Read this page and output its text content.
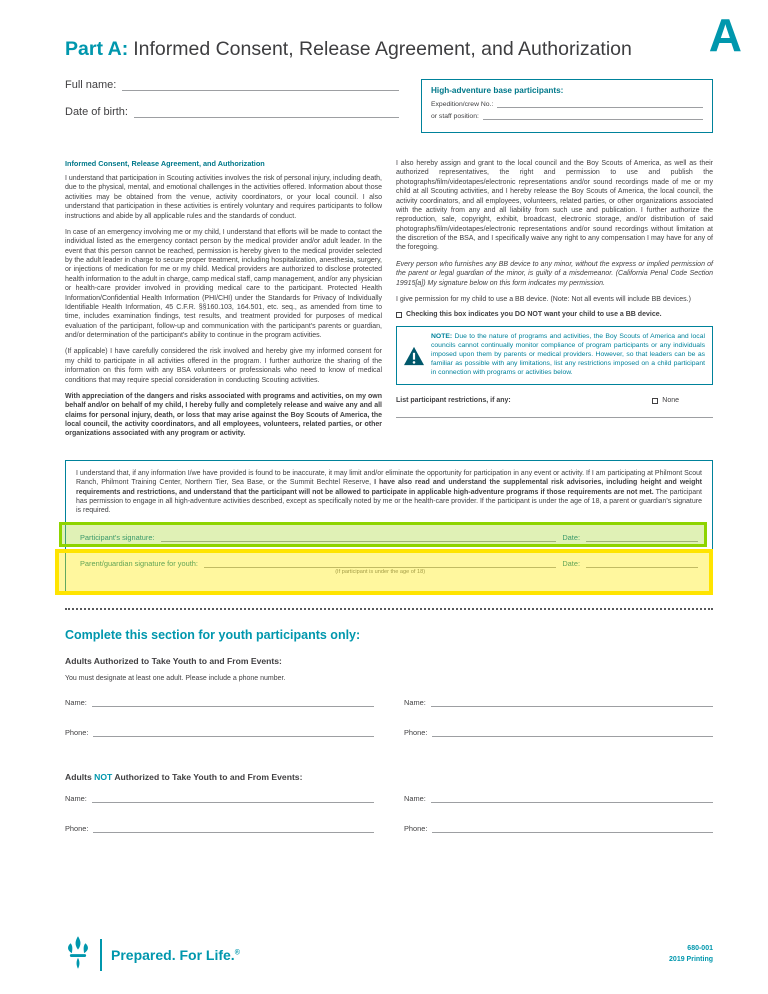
A
Part A: Informed Consent, Release Agreement, and Authorization
Full name:
Date of birth:
High-adventure base participants:
Expedition/crew No.:
or staff position:
Informed Consent, Release Agreement, and Authorization
I understand that participation in Scouting activities involves the risk of personal injury, including death, due to the physical, mental, and emotional challenges in the activities offered. Information about those activities may be obtained from the venue, activity coordinators, or your local council. I also understand that participation in these activities is entirely voluntary and requires participants to follow instructions and abide by all applicable rules and the standards of conduct.
In case of an emergency involving me or my child, I understand that efforts will be made to contact the individual listed as the emergency contact person by the medical provider and/or adult leader. In the event that this person cannot be reached, permission is hereby given to the medical provider selected by the adult leader in charge to secure proper treatment, including hospitalization, anesthesia, surgery, or injections of medication for me or my child. Medical providers are authorized to disclose protected health information to the adult in charge, camp medical staff, camp management, and/or any physician or health-care provider involved in providing medical care to the participant. Protected Health Information/Confidential Health Information (PHI/CHI) under the Standards for Privacy of Individually Identifiable Health Information, 45 C.F.R. §§160.103, 164.501, etc. seq., as amended from time to time, includes examination findings, test results, and treatment provided for purposes of medical evaluation of the participant, follow-up and communication with the participant's parents or guardian, and/or determination of the participant's ability to continue in the program activities.
(If applicable) I have carefully considered the risk involved and hereby give my informed consent for my child to participate in all activities offered in the program. I further authorize the sharing of the information on this form with any BSA volunteers or professionals who need to know of medical conditions that may require special consideration in conducting Scouting activities.
With appreciation of the dangers and risks associated with programs and activities, on my own behalf and/or on behalf of my child, I hereby fully and completely release and waive any and all claims for personal injury, death, or loss that may arise against the Boy Scouts of America, the local council, the activity coordinators, and all employees, volunteers, related parties, or other organizations associated with any program or activity.
I also hereby assign and grant to the local council and the Boy Scouts of America, as well as their authorized representatives, the right and permission to use and publish the photographs/film/videotapes/electronic representations and/or sound recordings made of me or my child at all Scouting activities, and I hereby release the Boy Scouts of America, the local council, the activity coordinators, and all employees, volunteers, related parties, or other organizations associated with the activity from any and all liability from such use and publication. I further authorize the reproduction, sale, copyright, exhibit, broadcast, electronic storage, and/or distribution of said photographs/film/videotapes/electronic representations and/or sound recordings without limitation at the discretion of the BSA, and I specifically waive any right to any compensation I may have for any of the foregoing.
Every person who furnishes any BB device to any minor, without the express or implied permission of the parent or legal guardian of the minor, is guilty of a misdemeanor. (California Penal Code Section 19915[a]) My signature below on this form indicates my permission.
I give permission for my child to use a BB device. (Note: Not all events will include BB devices.)
Checking this box indicates you DO NOT want your child to use a BB device.
NOTE: Due to the nature of programs and activities, the Boy Scouts of America and local councils cannot continually monitor compliance of program participants or any individuals imposed upon them by parents or medical providers. However, so that leaders can be as familiar as possible with any limitations, list any restrictions imposed on a child participant in connection with programs or activities below.
List participant restrictions, if any:	None
I understand that, if any information I/we have provided is found to be inaccurate, it may limit and/or eliminate the opportunity for participation in any event or activity. If I am participating at Philmont Scout Ranch, Philmont Training Center, Northern Tier, Sea Base, or the Summit Bechtel Reserve, I have also read and understand the supplemental risk advisories, including height and weight requirements and restrictions, and understand that the participant will not be allowed to participate in applicable high-adventure programs if those requirements are not met. The participant has permission to engage in all high-adventure activities described, except as specifically noted by me or the health-care provider. If the participant is under the age of 18, a parent or guardian's signature is required.
Participant's signature:	Date:
Parent/guardian signature for youth:
(If participant is under the age of 18)
Date:
Complete this section for youth participants only:
Adults Authorized to Take Youth to and From Events:
You must designate at least one adult. Please include a phone number.
Name:	Name:
Phone:	Phone:
Adults NOT Authorized to Take Youth to and From Events:
Name:	Name:
Phone:	Phone:
Prepared. For Life.®
680-001
2019 Printing
